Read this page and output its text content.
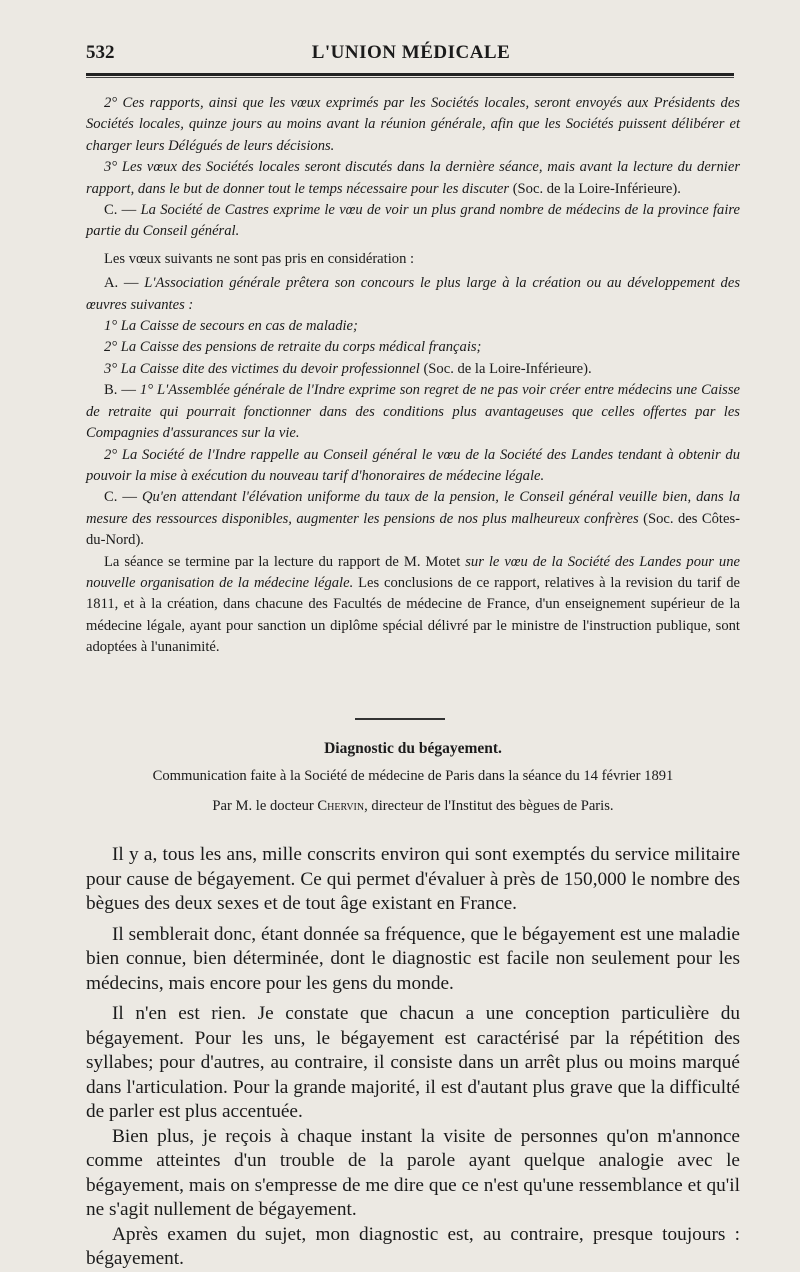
532	L'UNION MÉDICALE

2° Ces rapports, ainsi que les vœux exprimés par les Sociétés locales, seront envoyés aux Présidents des Sociétés locales, quinze jours au moins avant la réunion générale, afin que les Sociétés puissent délibérer et charger leurs Délégués de leurs décisions.

3° Les vœux des Sociétés locales seront discutés dans la dernière séance, mais avant la lecture du dernier rapport, dans le but de donner tout le temps nécessaire pour les discuter (Soc. de la Loire-Inférieure).

C. — La Société de Castres exprime le vœu de voir un plus grand nombre de médecins de la province faire partie du Conseil général.

Les vœux suivants ne sont pas pris en considération :

A. — L'Association générale prêtera son concours le plus large à la création ou au développement des œuvres suivantes :

1° La Caisse de secours en cas de maladie;

2° La Caisse des pensions de retraite du corps médical français;

3° La Caisse dite des victimes du devoir professionnel (Soc. de la Loire-Inférieure).

B. — 1° L'Assemblée générale de l'Indre exprime son regret de ne pas voir créer entre médecins une Caisse de retraite qui pourrait fonctionner dans des conditions plus avantageuses que celles offertes par les Compagnies d'assurances sur la vie.

2° La Société de l'Indre rappelle au Conseil général le vœu de la Société des Landes tendant à obtenir du pouvoir la mise à exécution du nouveau tarif d'honoraires de médecine légale.

C. — Qu'en attendant l'élévation uniforme du taux de la pension, le Conseil général veuille bien, dans la mesure des ressources disponibles, augmenter les pensions de nos plus malheureux confrères (Soc. des Côtes-du-Nord).

La séance se termine par la lecture du rapport de M. Motet sur le vœu de la Société des Landes pour une nouvelle organisation de la médecine légale. Les conclusions de ce rapport, relatives à la revision du tarif de 1811, et à la création, dans chacune des Facultés de médecine de France, d'un enseignement supérieur de la médecine légale, ayant pour sanction un diplôme spécial délivré par le ministre de l'instruction publique, sont adoptées à l'unanimité.

Diagnostic du bégayement.

Communication faite à la Société de médecine de Paris dans la séance du 14 février 1891

Par M. le docteur Chervin, directeur de l'Institut des bègues de Paris.

Il y a, tous les ans, mille conscrits environ qui sont exemptés du service militaire pour cause de bégayement. Ce qui permet d'évaluer à près de 150,000 le nombre des bègues des deux sexes et de tout âge existant en France.

Il semblerait donc, étant donnée sa fréquence, que le bégayement est une maladie bien connue, bien déterminée, dont le diagnostic est facile non seulement pour les médecins, mais encore pour les gens du monde.

Il n'en est rien. Je constate que chacun a une conception particulière du bégayement. Pour les uns, le bégayement est caractérisé par la répétition des syllabes; pour d'autres, au contraire, il consiste dans un arrêt plus ou moins marqué dans l'articulation. Pour la grande majorité, il est d'autant plus grave que la difficulté de parler est plus accentuée.

Bien plus, je reçois à chaque instant la visite de personnes qu'on m'annonce comme atteintes d'un trouble de la parole ayant quelque analogie avec le bégayement, mais on s'empresse de me dire que ce n'est qu'une ressemblance et qu'il ne s'agit nullement de bégayement.

Après examen du sujet, mon diagnostic est, au contraire, presque toujours : bégayement.
